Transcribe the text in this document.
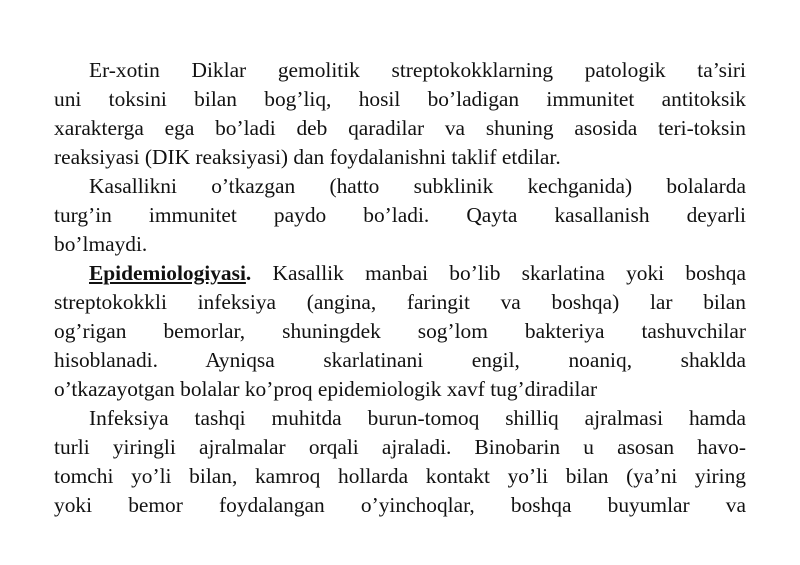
Er-xotin Diklar gemolitik streptokokklarning patologik ta’siri
uni toksini bilan bog’liq, hosil bo’ladigan immunitet antitoksik
xarakterga ega bo’ladi deb qaradilar va shuning asosida teri-toksin
reaksiyasi (DIK reaksiyasi) dan foydalanishni taklif etdilar.
Kasallikni o’tkazgan (hatto subklinik kechganida) bolalarda
turg’in immunitet paydo bo’ladi. Qayta kasallanish deyarli
bo’lmaydi.
Epidemiologiyasi. Kasallik manbai bo’lib skarlatina yoki boshqa
streptokokkli infeksiya (angina, faringit va boshqa) lar bilan
og’rigan bemorlar, shuningdek sog’lom bakteriya tashuvchilar
hisoblanadi. Ayniqsa skarlatinani engil, noaniq, shaklda
o’tkazayotgan bolalar ko’proq epidemiologik xavf tug’diradilar
Infeksiya tashqi muhitda burun-tomoq shilliq ajralmasi hamda
turli yiringli ajralmalar orqali ajraladi. Binobarin u asosan havo-
tomchi yo’li bilan, kamroq hollarda kontakt yo’li bilan (ya’ni yiring
yoki bemor foydalangan o’yinchoqlar, boshqa buyumlar va
